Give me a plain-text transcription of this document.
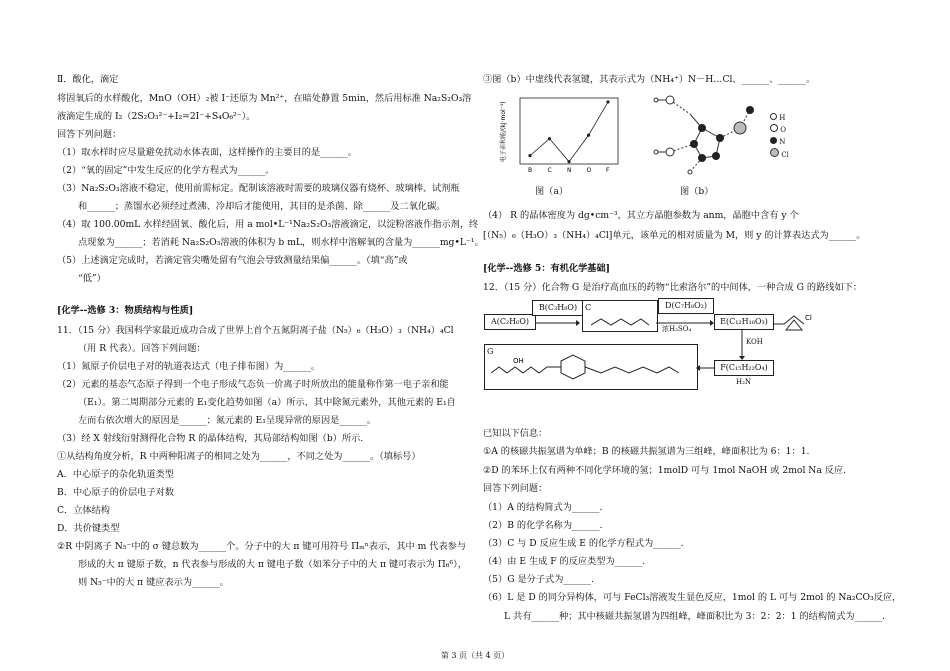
Ⅱ．酸化，滴定
将固氧后的水样酸化，MnO（OH）₂被 I⁻还原为 Mn²⁺，在暗处静置 5min，然后用标准 Na₂S₂O₃溶
液滴定生成的 I₂（2S₂O₃²⁻+I₂=2I⁻+S₄O₆²⁻）。
回答下列问题：
（1）取水样时应尽量避免扰动水体表面，这样操作的主要目的是______。
（2）“氧的固定”中发生反应的化学方程式为______。
（3）Na₂S₂O₃溶液不稳定，使用前需标定。配制该溶液时需要的玻璃仪器有烧杯、玻璃棒、试剂瓶
和______；蒸馏水必须经过煮沸、冷却后才能使用，其目的是杀菌、除______及二氧化碳。
（4）取 100.00mL 水样经固氧、酸化后，用 a mol•L⁻¹Na₂S₂O₃溶液滴定，以淀粉溶液作指示剂，终
点现象为______；若消耗 Na₂S₂O₃溶液的体积为 b mL，则水样中溶解氧的含量为______mg•L⁻¹。
（5）上述滴定完成时，若滴定管尖嘴处留有气泡会导致测量结果偏______。（填“高”或
“低”）
[化学--选修 3：物质结构与性质]
11．（15 分）我国科学家最近成功合成了世界上首个五氮阴离子盐（N₅）₆（H₃O）₃（NH₄）₄Cl
（用 R 代表）。回答下列问题：
（1）氮原子价层电子对的轨道表达式（电子排布图）为______。
（2）元素的基态气态原子得到一个电子形成气态负一价离子时所放出的能量称作第一电子亲和能
（E₁）。第二周期部分元素的 E₁变化趋势如图（a）所示，其中除氮元素外，其他元素的 E₁自
左而右依次增大的原因是______；氮元素的 E₁呈现异常的原因是______。
（3）经 X 射线衍射测得化合物 R 的晶体结构，其局部结构如图（b）所示.
①从结构角度分析，R 中两种阳离子的相同之处为______，不同之处为______。（填标号）
A．中心原子的杂化轨道类型
B．中心原子的价层电子对数
C．立体结构
D．共价键类型
②R 中阴离子 N₅⁻中的 σ 键总数为______个。分子中的大 π 键可用符号 Πₘⁿ表示，其中 m 代表参与
形成的大 π 键原子数，n 代表参与形成的大 π 键电子数（如苯分子中的大 π 键可表示为 Π₆⁶），
则 N₅⁻中的大 π 键应表示为______。
③图（b）中虚线代表氢键，其表示式为（NH₄⁺）N－H…Cl、______、______。
电子亲和能/(kJ·mol⁻¹)
B	C	N	O F
图（a）
H
O
N
Cl
图（b）
（4） R 的晶体密度为 dg•cm⁻³，其立方晶胞参数为 anm，晶胞中含有 y 个
[（N₅）₆（H₃O）₃（NH₄）₄Cl]单元，该单元的相对质量为 M，则 y 的计算表达式为______。
[化学--选修 5：有机化学基础]
12．（15 分）化合物 G 是治疗高血压的药物“比索洛尔”的中间体，一种合成 G 的路线如下：
A(C₂H₆O)
B(C₃H₈O) C	D(C₇H₈O₂)
浓H₂SO₄
E(C₁₂H₁₈O₃)	Cl
KOH
F(C₁₅H₂₂O₄)
G
OH
H₂N
已知以下信息：
①A 的核磁共振氢谱为单峰；B 的核磁共振氢谱为三组峰，峰面积比为 6：1：1.
②D 的苯环上仅有两种不同化学环境的氢；1molD 可与 1mol NaOH 或 2mol Na 反应.
回答下列问题：
（1）A 的结构简式为______.
（2）B 的化学名称为______.
（3）C 与 D 反应生成 E 的化学方程式为______.
（4）由 E 生成 F 的反应类型为______.
（5）G 是分子式为______.
（6）L 是 D 的同分异构体，可与 FeCl₃溶液发生显色反应，1mol 的 L 可与 2mol 的 Na₂CO₃反应，
L 共有______种；其中核磁共振氢谱为四组峰，峰面积比为 3：2：2：1 的结构简式为______.
第 3 页（共 4 页）
